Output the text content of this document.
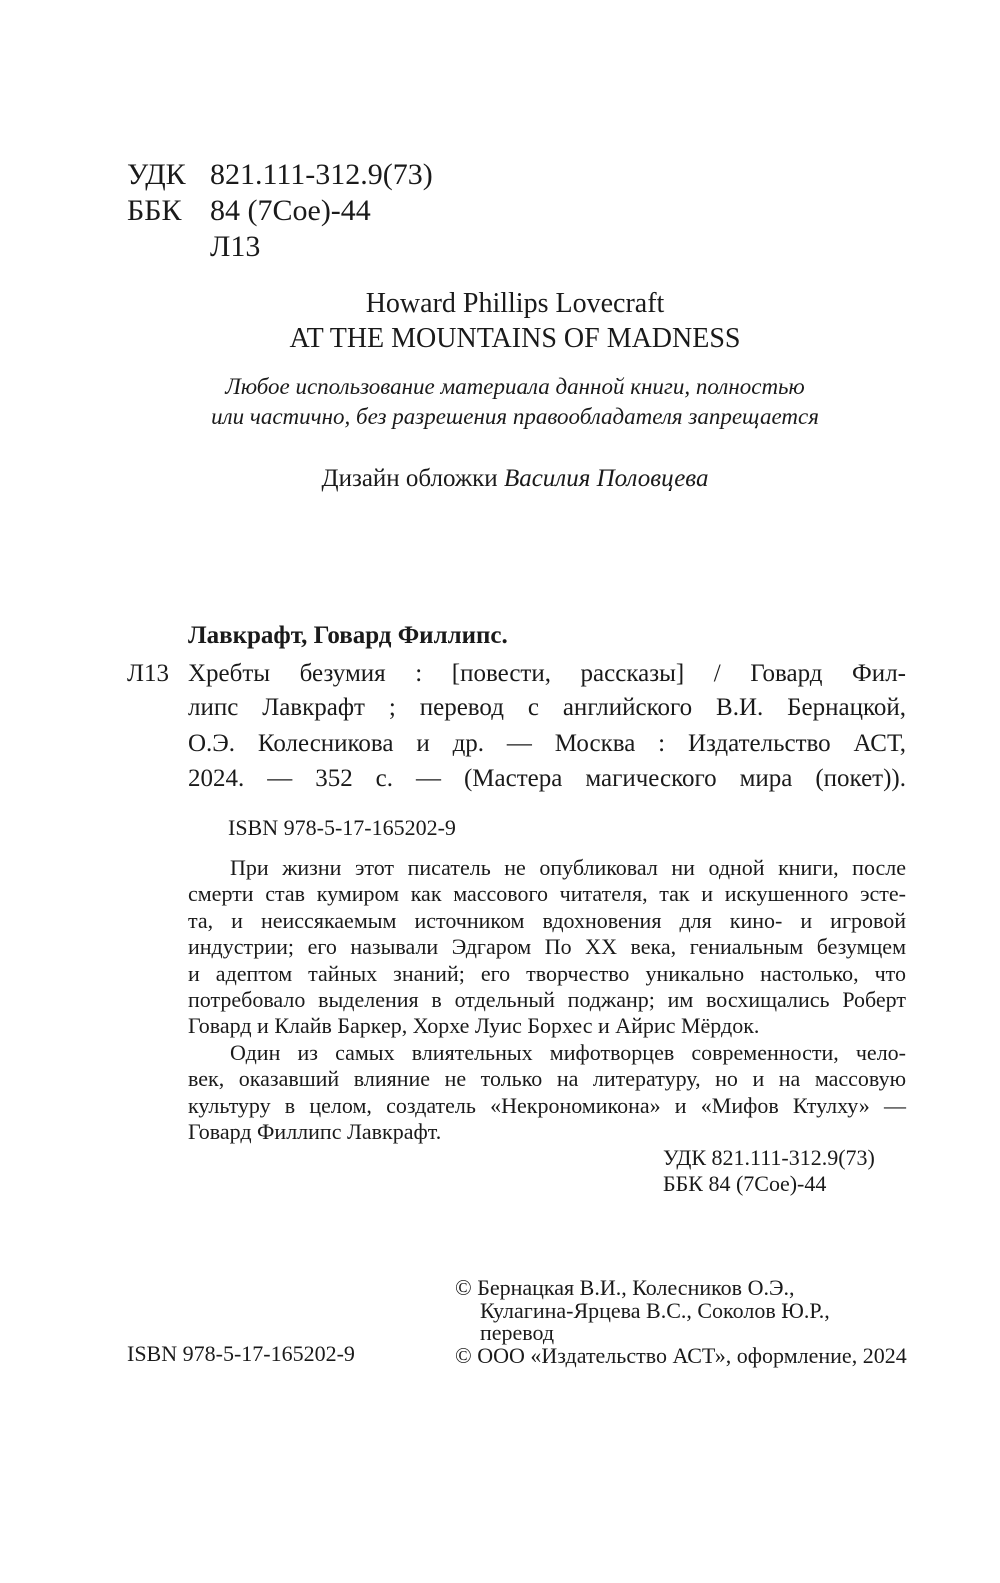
УДК 821.111-312.9(73)
ББК 84 (7Coe)-44
Л13
Howard Phillips Lovecraft
AT THE MOUNTAINS OF MADNESS
Любое использование материала данной книги, полностью
или частично, без разрешения правообладателя запрещается
Дизайн обложки Василия Половцева
Лавкрафт, Говард Филлипс.
Л13 Хребты безумия : [повести, рассказы] / Говард Фил-
липс Лавкрафт ; перевод с английского В.И. Бернацкой,
О.Э. Колесникова и др. — Москва : Издательство АСТ,
2024. — 352 с. — (Мастера магического мира (покет)).
ISBN 978-5-17-165202-9
При жизни этот писатель не опубликовал ни одной книги, после
смерти став кумиром как массового читателя, так и искушенного эсте-
та, и неиссякаемым источником вдохновения для кино- и игровой
индустрии; его называли Эдгаром По XX века, гениальным безумцем
и адептом тайных знаний; его творчество уникально настолько, что
потребовало выделения в отдельный поджанр; им восхищались Роберт
Говард и Клайв Баркер, Хорхе Луис Борхес и Айрис Мёрдок.
Один из самых влиятельных мифотворцев современности, чело-
век, оказавший влияние не только на литературу, но и на массовую
культуру в целом, создатель «Некрономикона» и «Мифов Ктулху» —
Говард Филлипс Лавкрафт.
УДК 821.111-312.9(73)
ББК 84 (7Coe)-44
ISBN 978-5-17-165202-9
© Бернацкая В.И., Колесников О.Э.,
Кулагина-Ярцева В.С., Соколов Ю.Р.,
перевод
© ООО «Издательство АСТ», оформление, 2024
